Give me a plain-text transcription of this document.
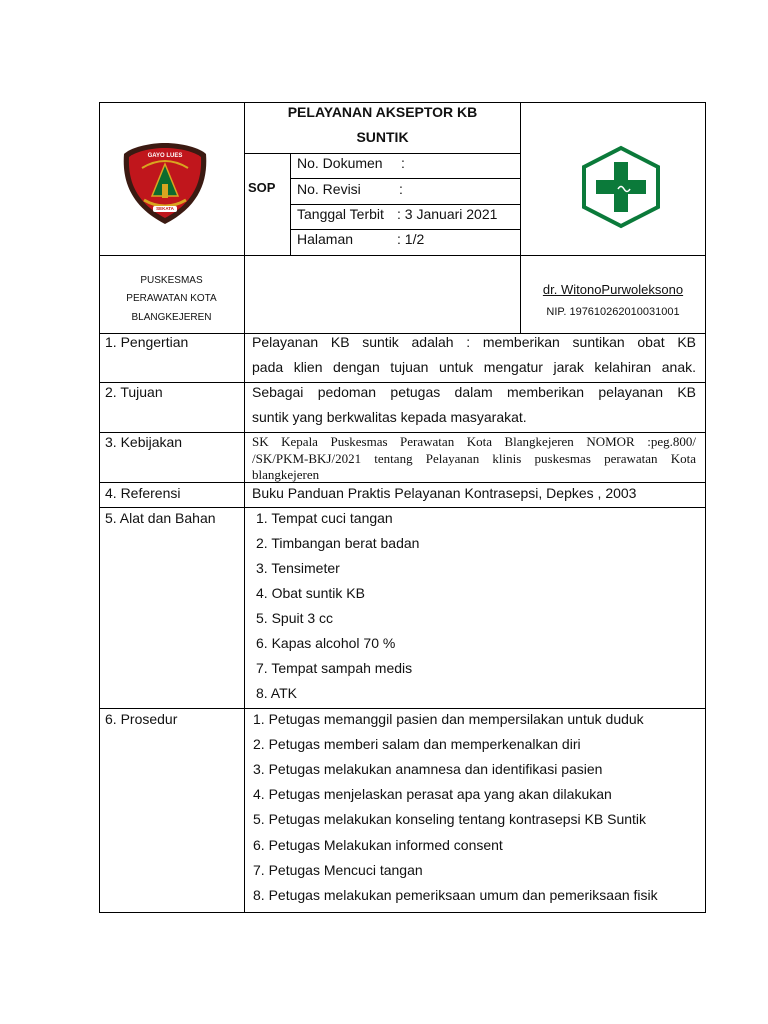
GAYO LUES
SEKATA
PELAYANAN AKSEPTOR KB
SUNTIK
SOP
No. Dokumen :
No. Revisi	:
Tanggal Terbit : 3 Januari 2021
Halaman	: 1/2
PUSKESMAS
PERAWATAN KOTA
BLANGKEJEREN
dr. WitonoPurwoleksono
NIP. 197610262010031001
1. Pengertian	Pelayanan KB suntik adalah : memberikan suntikan obat KB
pada klien dengan tujuan untuk mengatur jarak kelahiran anak.
2. Tujuan	Sebagai pedoman petugas dalam memberikan pelayanan KB
suntik yang berkwalitas kepada masyarakat.
3. Kebijakan	SK Kepala Puskesmas Perawatan Kota Blangkejeren NOMOR :peg.800/
/SK/PKM-BKJ/2021 tentang Pelayanan klinis puskesmas perawatan Kota
blangkejeren
4. Referensi	Buku Panduan Praktis Pelayanan Kontrasepsi, Depkes , 2003
5. Alat dan Bahan	1. Tempat cuci tangan
2. Timbangan berat badan
3. Tensimeter
4. Obat suntik KB
5. Spuit 3 cc
6. Kapas alcohol 70 %
7. Tempat sampah medis
8. ATK
6. Prosedur	1. Petugas memanggil pasien dan mempersilakan untuk duduk
2. Petugas memberi salam dan memperkenalkan diri
3. Petugas melakukan anamnesa dan identifikasi pasien
4. Petugas menjelaskan perasat apa yang akan dilakukan
5. Petugas melakukan konseling tentang kontrasepsi KB Suntik
6. Petugas Melakukan informed consent
7. Petugas Mencuci tangan
8. Petugas melakukan pemeriksaan umum dan pemeriksaan fisik
